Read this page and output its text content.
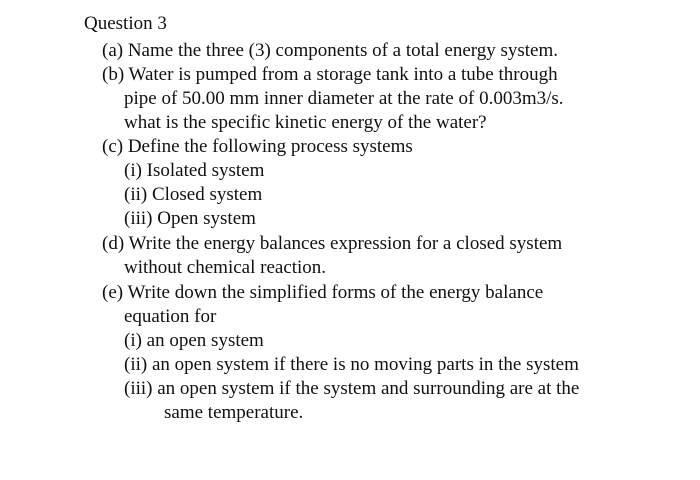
Question 3
(a) Name the three (3) components of a total energy system.
(b) Water is pumped from a storage tank into a tube through
pipe of 50.00 mm inner diameter at the rate of 0.003m3/s.
what is the specific kinetic energy of the water?
(c) Define the following process systems
(i) Isolated system
(ii) Closed system
(iii) Open system
(d) Write the energy balances expression for a closed system
without chemical reaction.
(e) Write down the simplified forms of the energy balance
equation for
(i) an open system
(ii) an open system if there is no moving parts in the system
(iii) an open system if the system and surrounding are at the
same temperature.
